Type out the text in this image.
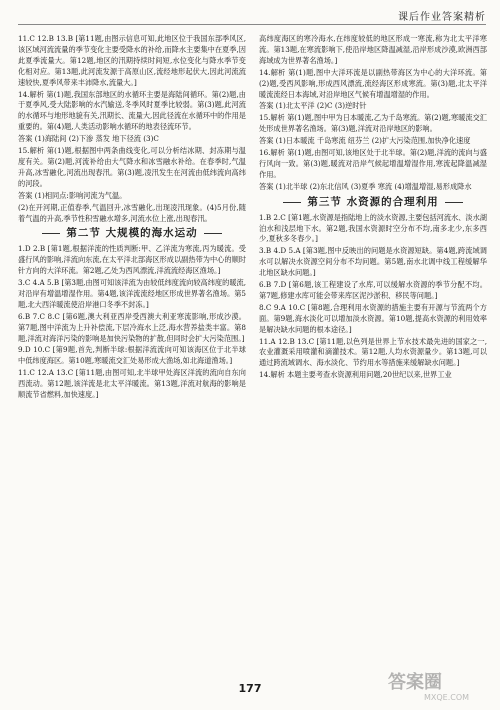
课后作业答案精析

11.C 12.B 13.B [第11题,由图示信息可知,此地区位于我国东部季风区,该区域河流流量的季节变化主要受降水的补给,而降水主要集中在夏季,因此夏季流量大。第12题,地区的汛期持续时间短,水位变化与降水季节变化相对应。第13题,此河流发源于高原山区,流经地形起伏大,因此河流流速较快,夏季风带来丰沛降水,流量大。]

14.解析 第(1)题,我国东部地区的水循环主要是海陆间循环。第(2)题,由于夏季风,受大陆影响的水汽输送,冬季风时夏季比较弱。第(3)题,此河流的水循环与地形地貌有关,汛期长、流量大,因此径流在水循环中的作用是重要的。第(4)题,人类活动影响水循环的地表径流环节。

答案 (1)海陆间 (2)下渗 蒸发 地下径流 (3)C

15.解析 第(1)题,根据图中两条曲线变化,可以分析结冰期、封冻期与温度有关。第(2)题,河流补给由大气降水和冰雪融水补给。在春季时,气温升高,冰雪融化,河流出现春汛。第(3)题,凌汛发生在河流由低纬流向高纬的河段。

答案 (1)相同点:影响河流为气温。

(2)在开河期,正值春季,气温回升,冰雪融化,出现凌汛现象。(4)5月份,随着气温的升高,季节性积雪融水增多,河流水位上涨,出现春汛。

第二节 大规模的海水运动

1.D 2.B [第1题,根据洋流的性质判断:甲、乙洋流为寒流,丙为暖流。受盛行风的影响,洋流向东流,在太平洋北部海区形成以副热带为中心的顺时针方向的大洋环流。第2题,乙处为西风漂流,洋流流经海区渔场。]

3.C 4.A 5.B [第3题,由图可知该洋流为由较低纬度流向较高纬度的暖流,对沿岸有增温增湿作用。第4题,该洋流流经地区形成世界著名渔场。第5题,北大西洋暖流使沿岸港口冬季不封冻。]

6.B 7.C 8.C [第6题,澳大利亚西岸受西澳大利亚寒流影响,形成沙漠。第7题,图中洋流为上升补偿流,下层冷海水上泛,海水营养盐类丰富。第8题,洋流对海洋污染的影响是加快污染物的扩散,但同时会扩大污染范围。]

9.D 10.C [第9题,首先,判断半球:根据洋流流向可知该海区位于北半球中低纬度海区。第10题,寒暖流交汇处易形成大渔场,如北海道渔场。]

11.C 12.A 13.C [第11题,由图可知,北半球甲处海区洋流的流向自东向西流动。第12题,该洋流是北太平洋暖流。第13题,洋流对航海的影响是顺流节省燃料,加快速度。]

高纬度海区的寒冷海水,在纬度较低的地区形成一寒流,称为北太平洋寒流。第13题,在寒流影响下,使沿岸地区降温减湿,沿岸形成沙漠,欧洲西部海域成为世界著名渔场。]

14.解析 第(1)题,图中大洋环流是以副热带海区为中心的大洋环流。第(2)题,受西风影响,形成西风漂流,流经海区形成寒流。第(3)题,北太平洋暖流流经日本海域,对沿岸地区气候有增温增湿的作用。

答案 (1)北太平洋 (2)C (3)逆时针

15.解析 第(1)题,图中甲为日本暖流,乙为千岛寒流。第(2)题,寒暖流交汇处形成世界著名渔场。第(3)题,洋流对沿岸地区的影响。

答案 (1)日本暖流 千岛寒流 纽芬兰 (2)扩大污染范围,加快净化速度

16.解析 第(1)题,由图可知,该地区处于北半球。第(2)题,洋流的流向与盛行风向一致。第(3)题,暖流对沿岸气候起增温增湿作用,寒流起降温减湿作用。

答案 (1)北半球 (2)东北信风 (3)夏季 寒流 (4)增温增湿,易形成降水

第三节 水资源的合理利用

1.B 2.C [第1题,水资源是指陆地上的淡水资源,主要包括河流水、淡水湖泊水和浅层地下水。第2题,我国水资源时空分布不均,南多北少,东多西少,夏秋多冬春少。]

3.B 4.D 5.A [第3题,图中反映出的问题是水资源短缺。第4题,跨流域调水可以解决水资源空间分布不均问题。第5题,南水北调中线工程缓解华北地区缺水问题。]

6.B 7.D [第6题,该工程建设了水库,可以缓解水资源的季节分配不均。第7题,修建水库可能会带来库区泥沙淤积、移民等问题。]

8.C 9.A 10.C [第8题,合理利用水资源的措施主要有开源与节流两个方面。第9题,海水淡化可以增加淡水资源。第10题,提高水资源的利用效率是解决缺水问题的根本途径。]

11.A 12.B 13.C [第11题,以色列是世界上节水技术最先进的国家之一,农业灌溉采用喷灌和滴灌技术。第12题,人均水资源量少。第13题,可以通过跨流域调水、海水淡化、节约用水等措施来缓解缺水问题。]

14.解析 本题主要考查水资源利用问题,20世纪以来,世界工业

177	答案圈
MXQE.COM
